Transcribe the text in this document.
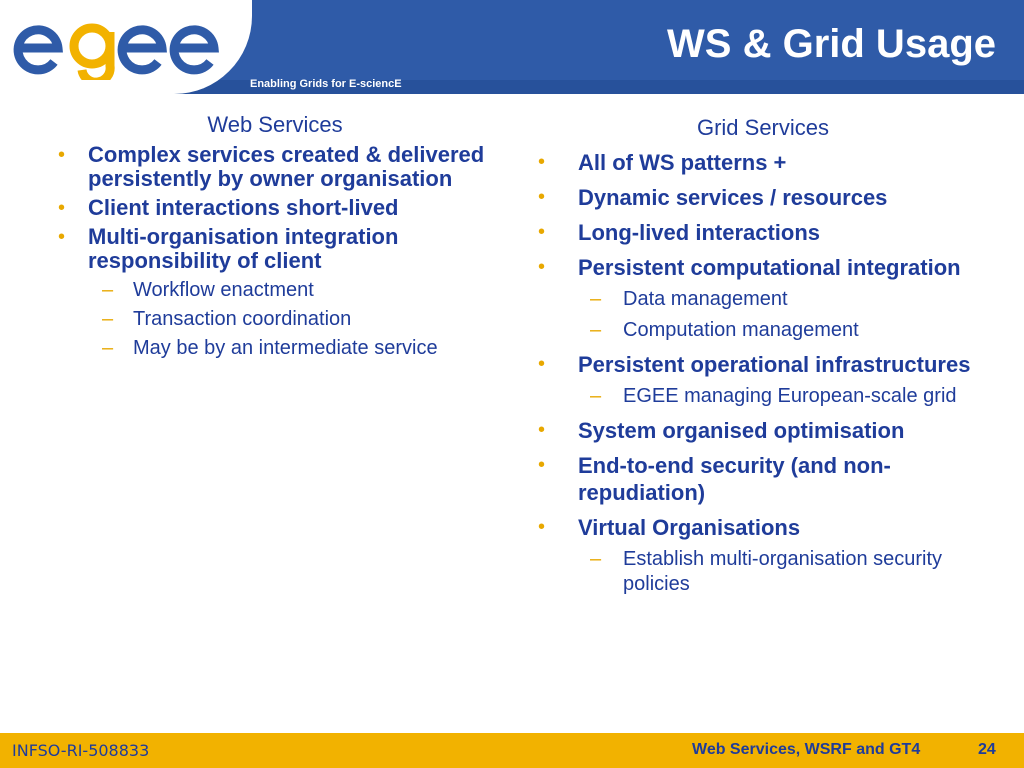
Enabling Grids for E-sciencE
WS & Grid Usage
Web Services
• Complex services created & delivered persistently by owner organisation
• Client interactions short-lived
• Multi-organisation integration responsibility of client
– Workflow enactment
– Transaction coordination
– May be by an intermediate service
Grid Services
• All of WS patterns +
• Dynamic services / resources
• Long-lived interactions
• Persistent computational integration
– Data management
– Computation management
• Persistent operational infrastructures
– EGEE managing European-scale grid
• System organised optimisation
• End-to-end security (and non-repudiation)
• Virtual Organisations
– Establish multi-organisation security policies
INFSO-RI-508833	Web Services, WSRF and GT4	24
